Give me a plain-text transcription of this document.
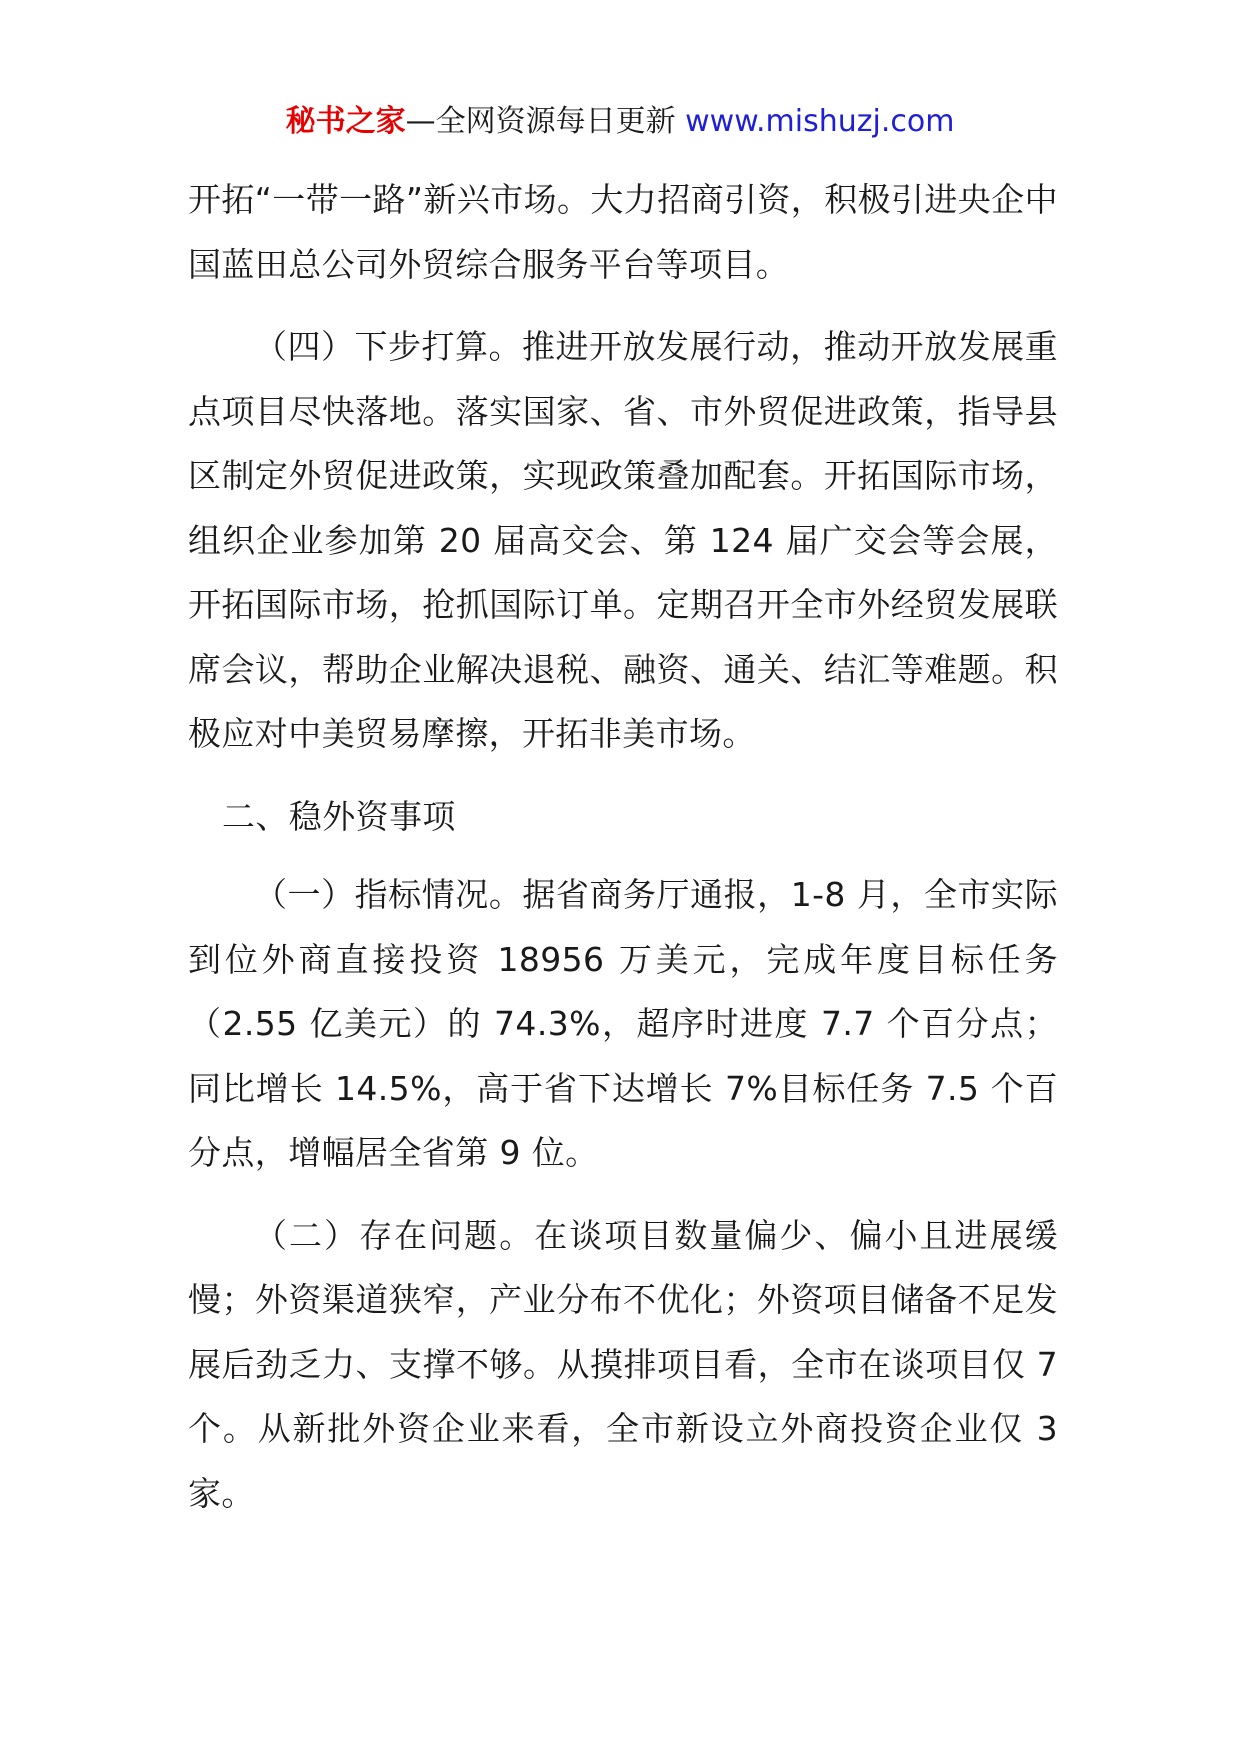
秘书之家—全网资源每日更新 www.mishuzj.com

开拓“一带一路”新兴市场。大力招商引资，积极引进央企中国蓝田总公司外贸综合服务平台等项目。

（四）下步打算。推进开放发展行动，推动开放发展重点项目尽快落地。落实国家、省、市外贸促进政策，指导县区制定外贸促进政策，实现政策叠加配套。开拓国际市场，组织企业参加第 20 届高交会、第 124 届广交会等会展，开拓国际市场，抢抓国际订单。定期召开全市外经贸发展联席会议，帮助企业解决退税、融资、通关、结汇等难题。积极应对中美贸易摩擦，开拓非美市场。

二、稳外资事项

（一）指标情况。据省商务厅通报，1-8 月，全市实际到位外商直接投资 18956 万美元，完成年度目标任务（2.55 亿美元）的 74.3%，超序时进度 7.7 个百分点；同比增长 14.5%，高于省下达增长 7%目标任务 7.5 个百分点，增幅居全省第 9 位。

（二）存在问题。在谈项目数量偏少、偏小且进展缓慢；外资渠道狭窄，产业分布不优化；外资项目储备不足发展后劲乏力、支撑不够。从摸排项目看，全市在谈项目仅 7 个。从新批外资企业来看，全市新设立外商投资企业仅 3 家。
